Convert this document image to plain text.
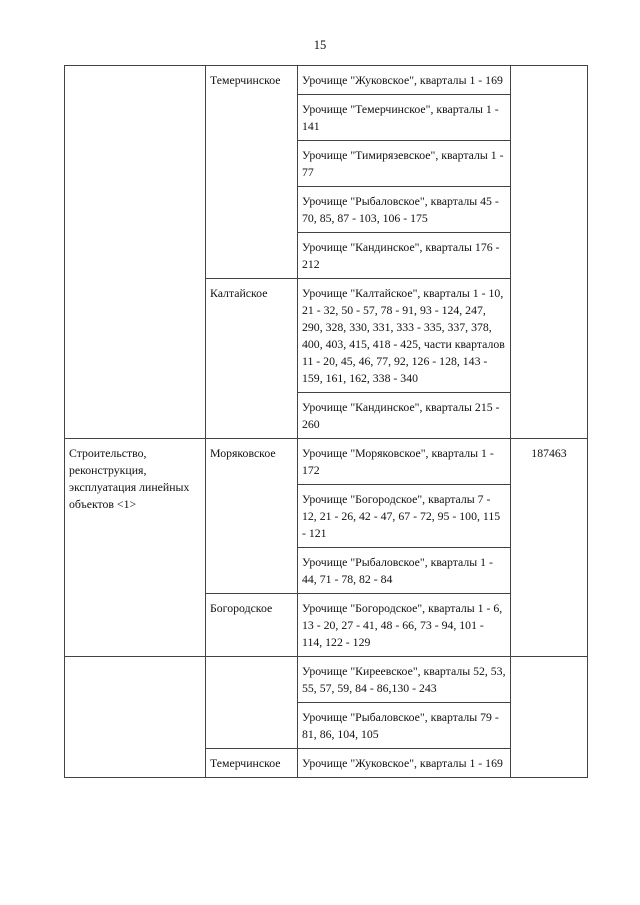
15
	Темерчинское	Урочище "Жуковское", кварталы 1 - 169	
		Урочище "Темерчинское", кварталы 1 - 141	
		Урочище "Тимирязевское", кварталы 1 - 77	
		Урочище "Рыбаловское", кварталы 45 - 70, 85, 87 - 103, 106 - 175	
		Урочище "Кандинское", кварталы 176 - 212	
	Калтайское	Урочище "Калтайское", кварталы 1 - 10, 21 - 32, 50 - 57, 78 - 91, 93 - 124, 247, 290, 328, 330, 331, 333 - 335, 337, 378, 400, 403, 415, 418 - 425, части кварталов 11 - 20, 45, 46, 77, 92, 126 - 128, 143 - 159, 161, 162, 338 - 340	
		Урочище "Кандинское", кварталы 215 - 260	
Строительство, реконструкция, эксплуатация линейных объектов <1>	Моряковское	Урочище "Моряковское", кварталы 1 - 172	187463
		Урочище "Богородское", кварталы 7 - 12, 21 - 26, 42 - 47, 67 - 72, 95 - 100, 115 - 121	
		Урочище "Рыбаловское", кварталы 1 - 44, 71 - 78, 82 - 84	
	Богородское	Урочище "Богородское", кварталы 1 - 6, 13 - 20, 27 - 41, 48 - 66, 73 - 94, 101 - 114, 122 - 129	
		Урочище "Киреевское", кварталы 52, 53, 55, 57, 59, 84 - 86,130 - 243	
		Урочище "Рыбаловское", кварталы 79 - 81, 86, 104, 105	
	Темерчинское	Урочище "Жуковское", кварталы 1 - 169	
